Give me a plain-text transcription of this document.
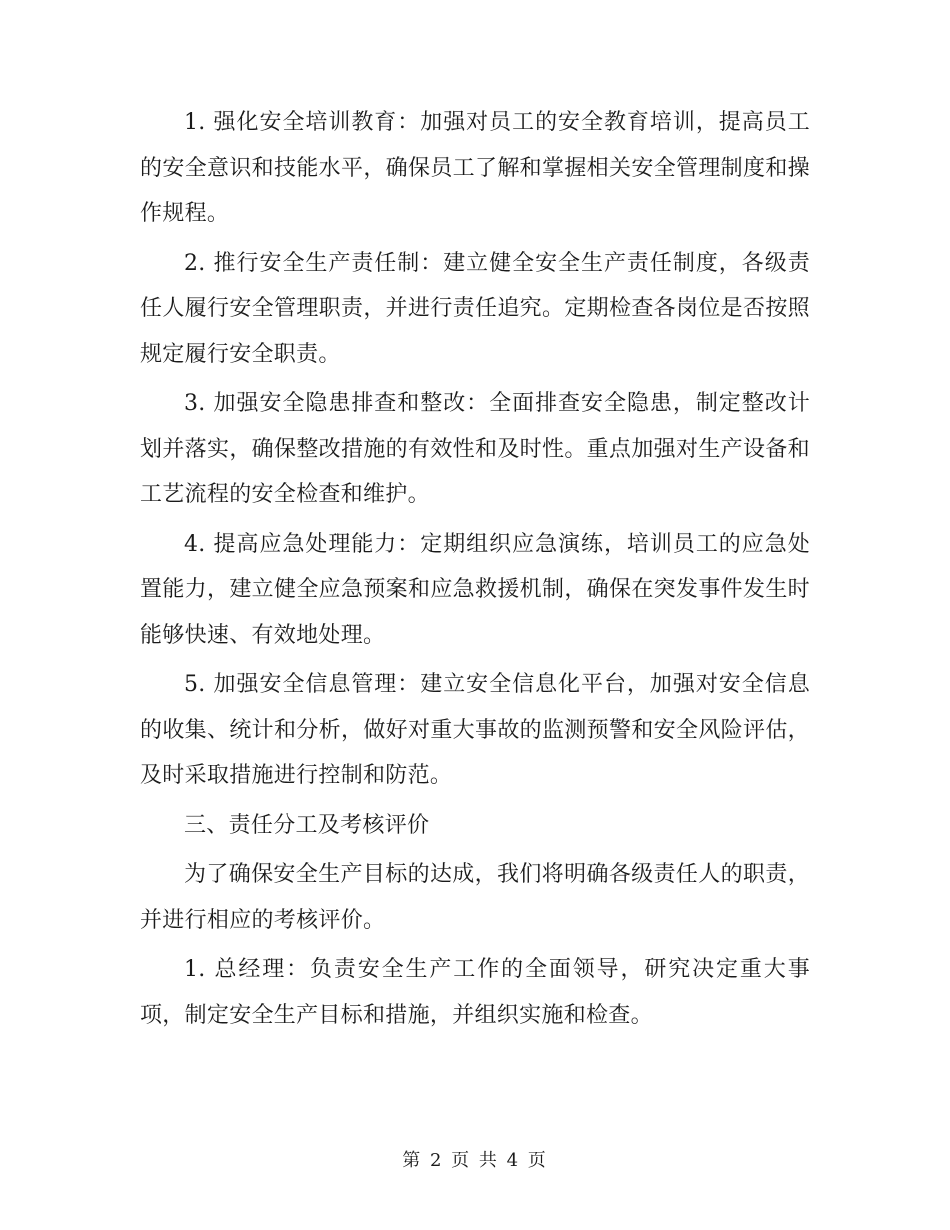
1. 强化安全培训教育：加强对员工的安全教育培训，提高员工的安全意识和技能水平，确保员工了解和掌握相关安全管理制度和操作规程。

2. 推行安全生产责任制：建立健全安全生产责任制度，各级责任人履行安全管理职责，并进行责任追究。定期检查各岗位是否按照规定履行安全职责。

3. 加强安全隐患排查和整改：全面排查安全隐患，制定整改计划并落实，确保整改措施的有效性和及时性。重点加强对生产设备和工艺流程的安全检查和维护。

4. 提高应急处理能力：定期组织应急演练，培训员工的应急处置能力，建立健全应急预案和应急救援机制，确保在突发事件发生时能够快速、有效地处理。

5. 加强安全信息管理：建立安全信息化平台，加强对安全信息的收集、统计和分析，做好对重大事故的监测预警和安全风险评估，及时采取措施进行控制和防范。

三、责任分工及考核评价

为了确保安全生产目标的达成，我们将明确各级责任人的职责，并进行相应的考核评价。

1. 总经理：负责安全生产工作的全面领导，研究决定重大事项，制定安全生产目标和措施，并组织实施和检查。

第 2 页 共 4 页
